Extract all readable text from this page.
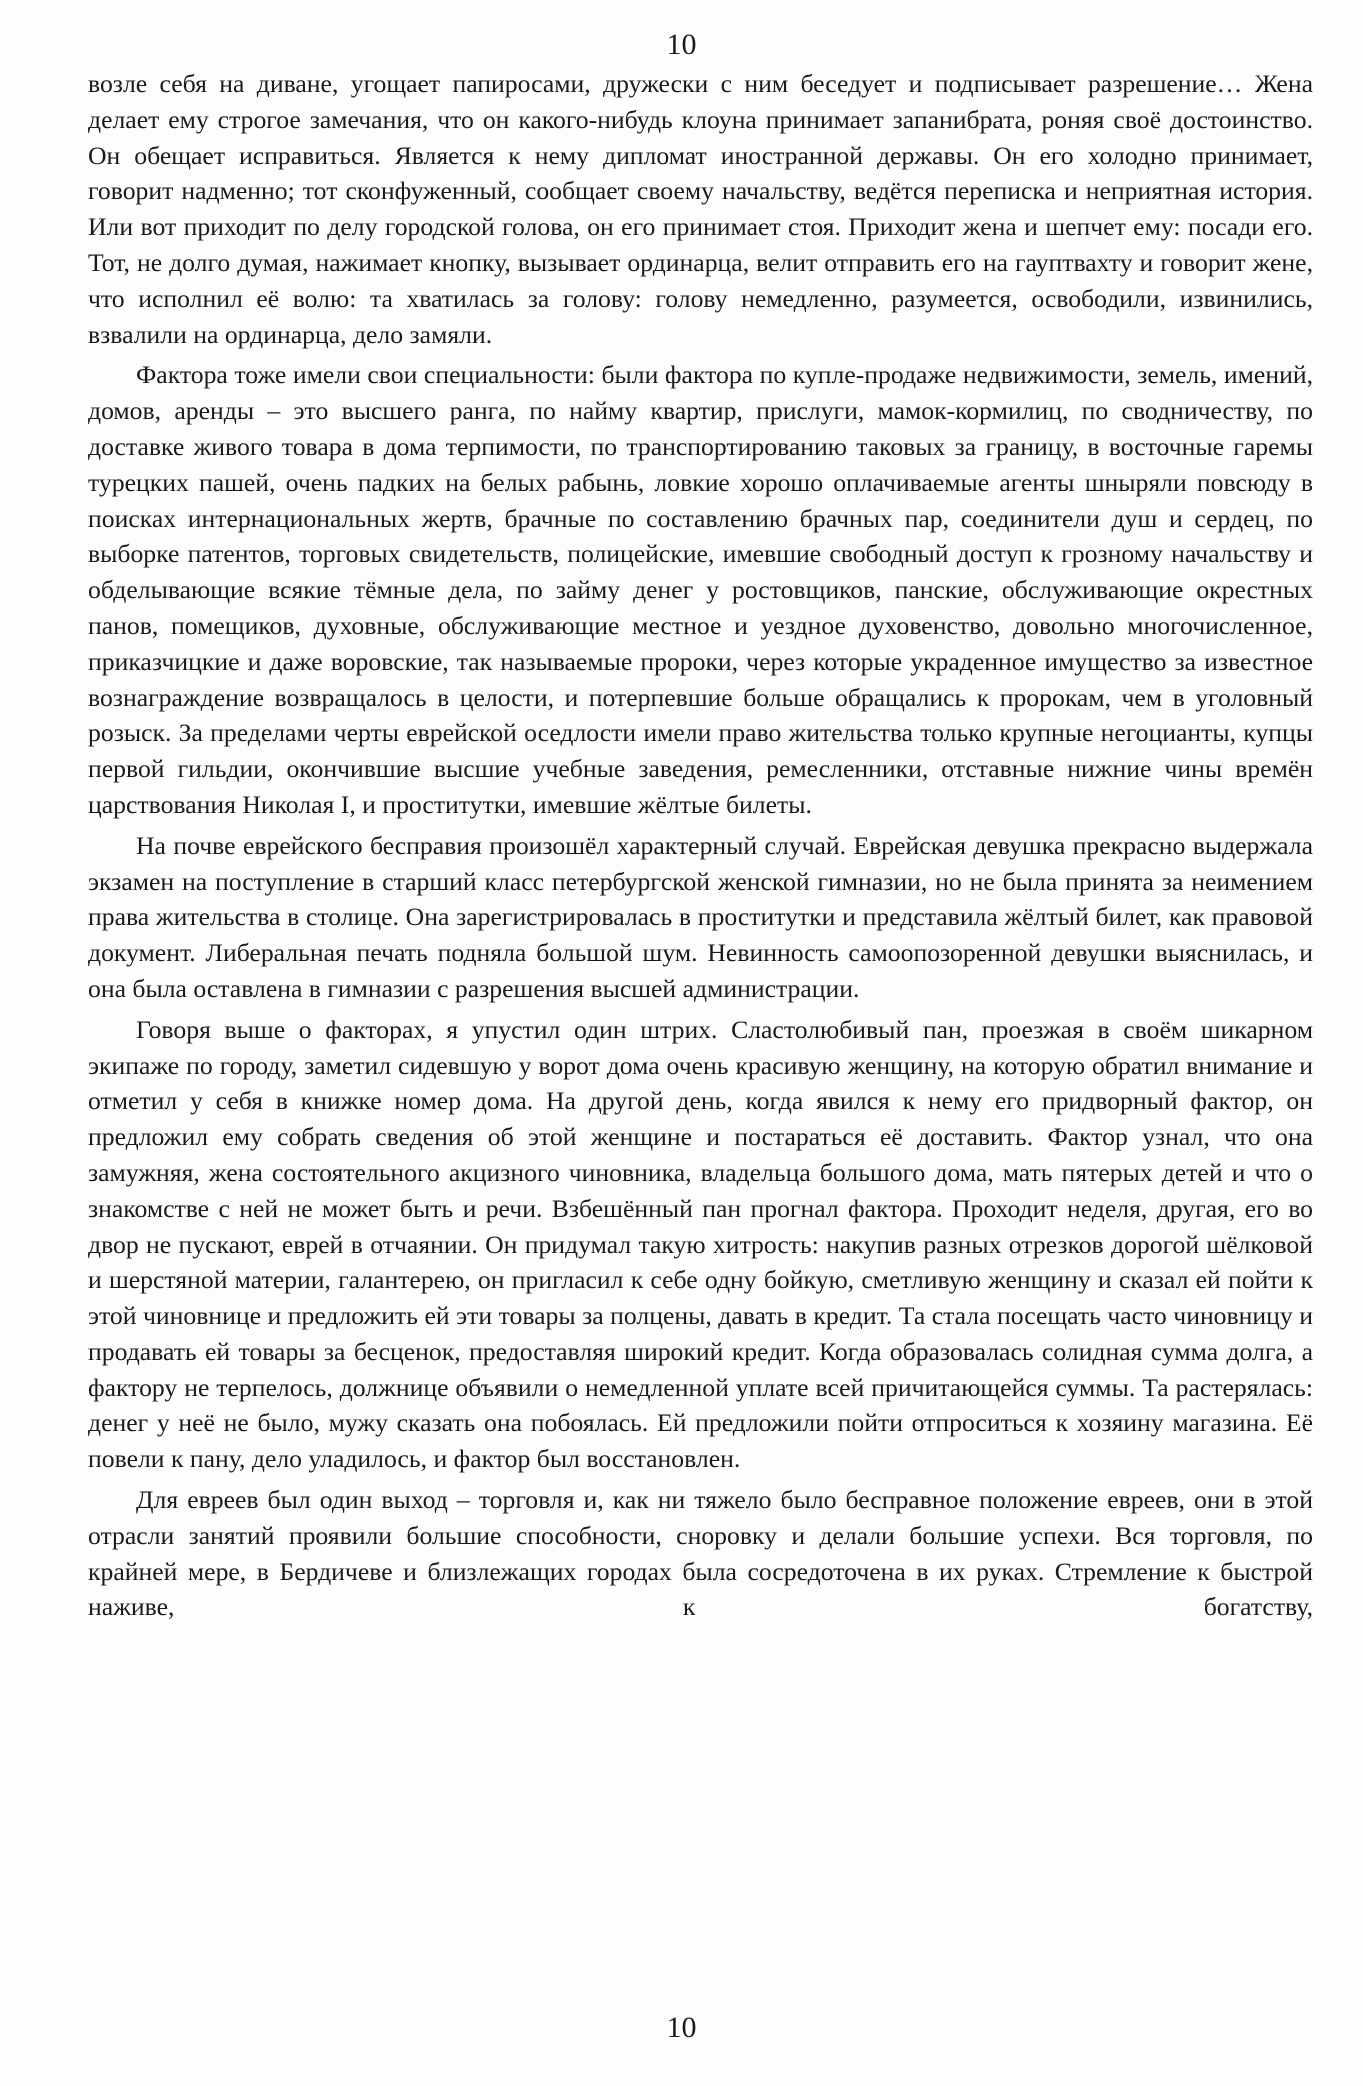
10

возле себя на диване, угощает папиросами, дружески с ним беседует и подписывает разрешение… Жена делает ему строгое замечания, что он какого-нибудь клоуна принимает запанибрата, роняя своё достоинство. Он обещает исправиться. Является к нему дипломат иностранной державы. Он его холодно принимает, говорит надменно; тот сконфуженный, сообщает своему начальству, ведётся переписка и неприятная история. Или вот приходит по делу городской голова, он его принимает стоя. Приходит жена и шепчет ему: посади его. Тот, не долго думая, нажимает кнопку, вызывает ординарца, велит отправить его на гауптвахту и говорит жене, что исполнил её волю: та хватилась за голову: голову немедленно, разумеется, освободили, извинились, взвалили на ординарца, дело замяли.

Фактора тоже имели свои специальности: были фактора по купле-продаже недвижимости, земель, имений, домов, аренды – это высшего ранга, по найму квартир, прислуги, мамок-кормилиц, по сводничеству, по доставке живого товара в дома терпимости, по транспортированию таковых за границу, в восточные гаремы турецких пашей, очень падких на белых рабынь, ловкие хорошо оплачиваемые агенты шныряли повсюду в поисках интернациональных жертв, брачные по составлению брачных пар, соединители душ и сердец, по выборке патентов, торговых свидетельств, полицейские, имевшие свободный доступ к грозному начальству и обделывающие всякие тёмные дела, по займу денег у ростовщиков, панские, обслуживающие окрестных панов, помещиков, духовные, обслуживающие местное и уездное духовенство, довольно многочисленное, приказчицкие и даже воровские, так называемые пророки, через которые украденное имущество за известное вознаграждение возвращалось в целости, и потерпевшие больше обращались к пророкам, чем в уголовный розыск. За пределами черты еврейской оседлости имели право жительства только крупные негоцианты, купцы первой гильдии, окончившие высшие учебные заведения, ремесленники, отставные нижние чины времён царствования Николая I, и проститутки, имевшие жёлтые билеты.

На почве еврейского бесправия произошёл характерный случай. Еврейская девушка прекрасно выдержала экзамен на поступление в старший класс петербургской женской гимназии, но не была принята за неимением права жительства в столице. Она зарегистрировалась в проститутки и представила жёлтый билет, как правовой документ. Либеральная печать подняла большой шум. Невинность самоопозоренной девушки выяснилась, и она была оставлена в гимназии с разрешения высшей администрации.

Говоря выше о факторах, я упустил один штрих. Сластолюбивый пан, проезжая в своём шикарном экипаже по городу, заметил сидевшую у ворот дома очень красивую женщину, на которую обратил внимание и отметил у себя в книжке номер дома. На другой день, когда явился к нему его придворный фактор, он предложил ему собрать сведения об этой женщине и постараться её доставить. Фактор узнал, что она замужняя, жена состоятельного акцизного чиновника, владельца большого дома, мать пятерых детей и что о знакомстве с ней не может быть и речи. Взбешённый пан прогнал фактора. Проходит неделя, другая, его во двор не пускают, еврей в отчаянии. Он придумал такую хитрость: накупив разных отрезков дорогой шёлковой и шерстяной материи, галантерею, он пригласил к себе одну бойкую, сметливую женщину и сказал ей пойти к этой чиновнице и предложить ей эти товары за полцены, давать в кредит. Та стала посещать часто чиновницу и продавать ей товары за бесценок, предоставляя широкий кредит. Когда образовалась солидная сумма долга, а фактору не терпелось, должнице объявили о немедленной уплате всей причитающейся суммы. Та растерялась: денег у неё не было, мужу сказать она побоялась. Ей предложили пойти отпроситься к хозяину магазина. Её повели к пану, дело уладилось, и фактор был восстановлен.

Для евреев был один выход – торговля и, как ни тяжело было бесправное положение евреев, они в этой отрасли занятий проявили большие способности, сноровку и делали большие успехи. Вся торговля, по крайней мере, в Бердичеве и близлежащих городах была сосредоточена в их руках. Стремление к быстрой наживе, к богатству,

10
